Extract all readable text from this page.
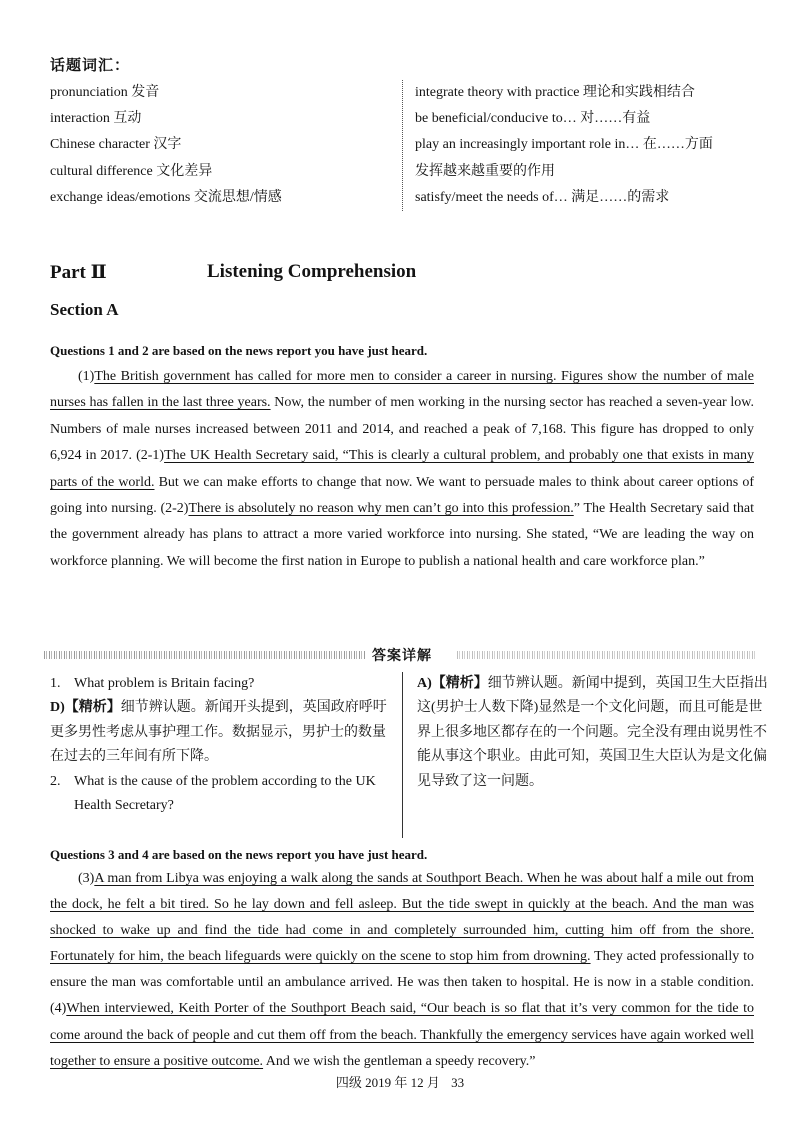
话题词汇：
pronunciation 发音
interaction 互动
Chinese character 汉字
cultural difference 文化差异
exchange ideas/emotions 交流思想/情感
integrate theory with practice 理论和实践相结合
be beneficial/conducive to… 对……有益
play an increasingly important role in… 在……方面
发挥越来越重要的作用
satisfy/meet the needs of… 满足……的需求
Part Ⅱ	Listening Comprehension
Section A
Questions 1 and 2 are based on the news report you have just heard.

(1)The British government has called for more men to consider a career in nursing. Figures show the number of male nurses has fallen in the last three years. Now, the number of men working in the nursing sector has reached a seven-year low. Numbers of male nurses increased between 2011 and 2014, and reached a peak of 7,168. This figure has dropped to only 6,924 in 2017. (2-1)The UK Health Secretary said, “This is clearly a cultural problem, and probably one that exists in many parts of the world. But we can make efforts to change that now. We want to persuade males to think about career options of going into nursing. (2-2)There is absolutely no reason why men can’t go into this profession.” The Health Secretary said that the government already has plans to attract a more varied workforce into nursing. She stated, “We are leading the way on workforce planning. We will become the first nation in Europe to publish a national health and care workforce plan.”

答案详解
1. What problem is Britain facing?
D)【精析】细节辨认题。新闻开头提到，英国政府呼吁更多男性考虑从事护理工作。数据显示，男护士的数量在过去的三年间有所下降。
2. What is the cause of the problem according to the UK Health Secretary?
A)【精析】细节辨认题。新闻中提到，英国卫生大臣指出这(男护士人数下降)显然是一个文化问题，而且可能是世界上很多地区都存在的一个问题。完全没有理由说男性不能从事这个职业。由此可知，英国卫生大臣认为是文化偏见导致了这一问题。
Questions 3 and 4 are based on the news report you have just heard.

(3)A man from Libya was enjoying a walk along the sands at Southport Beach. When he was about half a mile out from the dock, he felt a bit tired. So he lay down and fell asleep. But the tide swept in quickly at the beach. And the man was shocked to wake up and find the tide had come in and completely surrounded him, cutting him off from the shore. Fortunately for him, the beach lifeguards were quickly on the scene to stop him from drowning. They acted professionally to ensure the man was comfortable until an ambulance arrived. He was then taken to hospital. He is now in a stable condition. (4)When interviewed, Keith Porter of the Southport Beach said, “Our beach is so flat that it’s very common for the tide to come around the back of people and cut them off from the beach. Thankfully the emergency services have again worked well together to ensure a positive outcome. And we wish the gentleman a speedy recovery.”

四级 2019 年 12 月 33
